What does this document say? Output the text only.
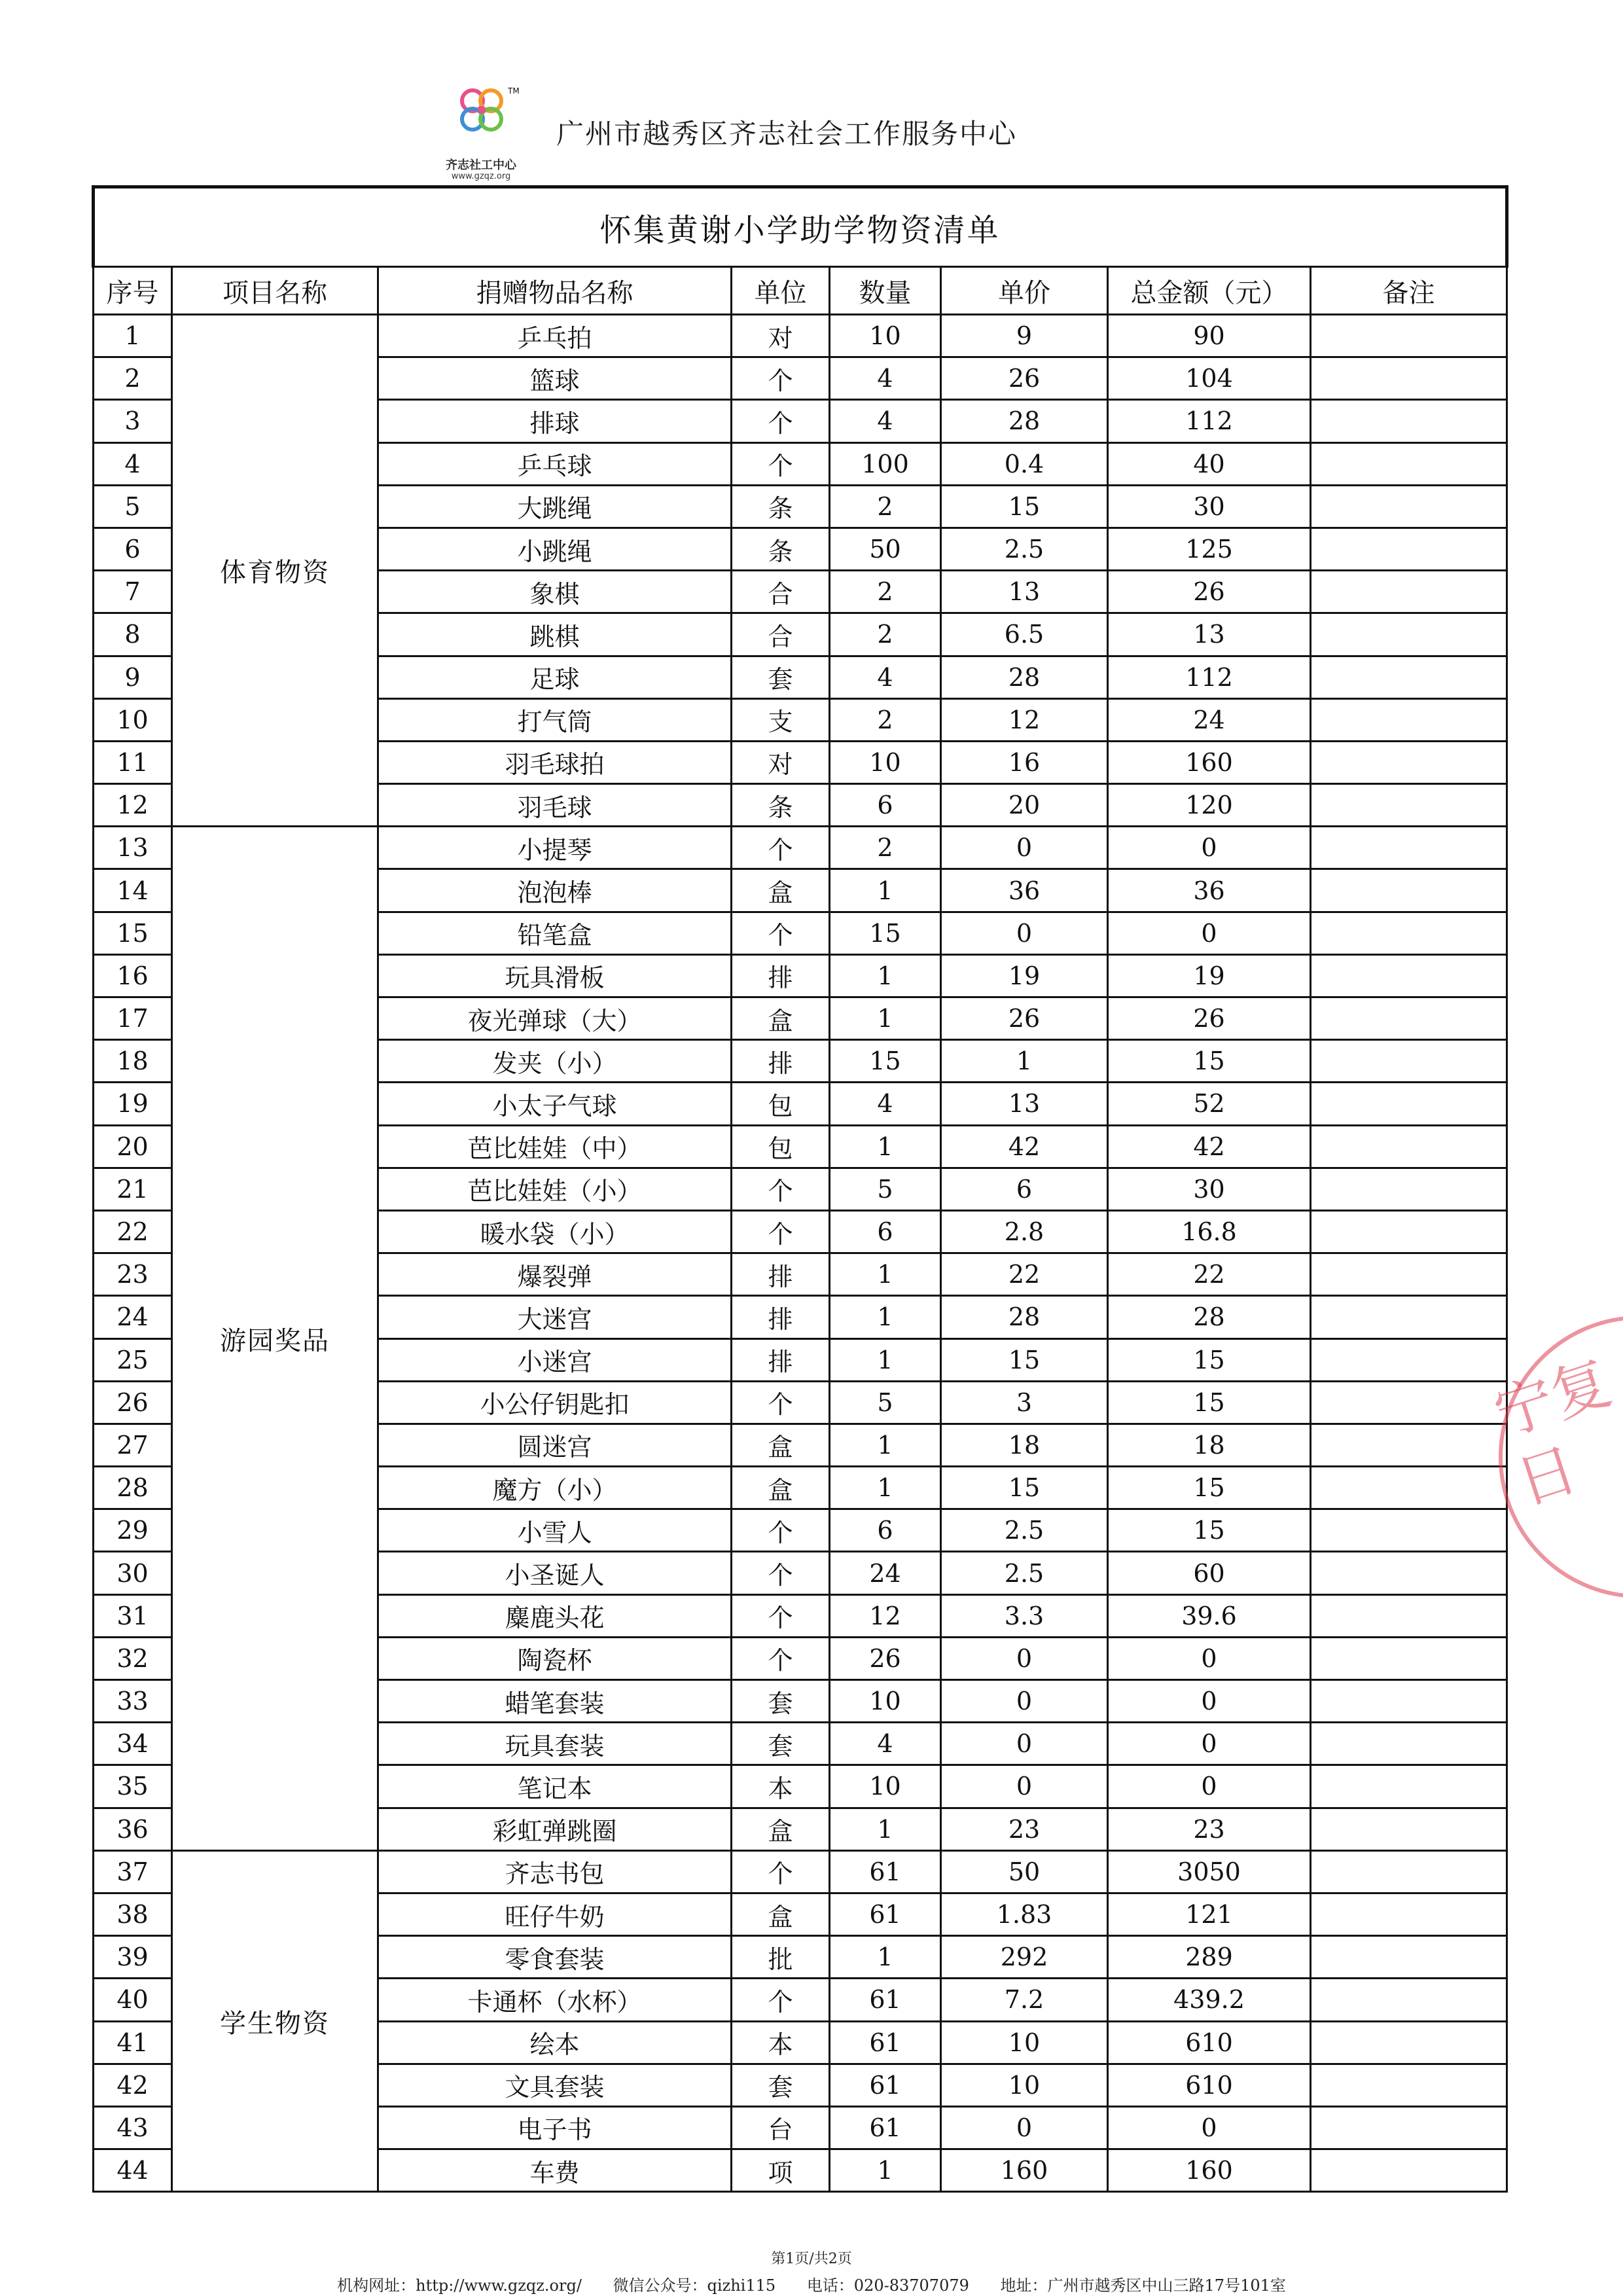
TM
齐志社工中心
www.gzqz.org
广州市越秀区齐志社会工作服务中心
怀集黄谢小学助学物资清单							
序号	项目名称	捐赠物品名称	单位	数量	单价	总金额（元）	备注
1	体育物资	乒乓拍	对	10	9	90	
2		篮球	个	4	26	104	
3		排球	个	4	28	112	
4		乒乓球	个	100	0.4	40	
5		大跳绳	条	2	15	30	
6		小跳绳	条	50	2.5	125	
7		象棋	合	2	13	26	
8		跳棋	合	2	6.5	13	
9		足球	套	4	28	112	
10		打气筒	支	2	12	24	
11		羽毛球拍	对	10	16	160	
12		羽毛球	条	6	20	120	
13	游园奖品	小提琴	个	2	0	0	
14		泡泡棒	盒	1	36	36	
15		铅笔盒	个	15	0	0	
16		玩具滑板	排	1	19	19	
17		夜光弹球（大）	盒	1	26	26	
18		发夹（小）	排	15	1	15	
19		小太子气球	包	4	13	52	
20		芭比娃娃（中）	包	1	42	42	
21		芭比娃娃（小）	个	5	6	30	
22		暖水袋（小）	个	6	2.8	16.8	
23		爆裂弹	排	1	22	22	
24		大迷宫	排	1	28	28	
25		小迷宫	排	1	15	15	
26		小公仔钥匙扣	个	5	3	15	
27		圆迷宫	盒	1	18	18	
28		魔方（小）	盒	1	15	15	
29		小雪人	个	6	2.5	15	
30		小圣诞人	个	24	2.5	60	
31		麋鹿头花	个	12	3.3	39.6	
32		陶瓷杯	个	26	0	0	
33		蜡笔套装	套	10	0	0	
34		玩具套装	套	4	0	0	
35		笔记本	本	10	0	0	
36		彩虹弹跳圈	盒	1	23	23	
37	学生物资	齐志书包	个	61	50	3050	
38		旺仔牛奶	盒	61	1.83	121	
39		零食套装	批	1	292	289	
40		卡通杯（水杯）	个	61	7.2	439.2	
41		绘本	本	61	10	610	
42		文具套装	套	61	10	610	
43		电子书	台	61	0	0	
44		车费	项	1	160	160	
宁复日
第1页/共2页
机构网址：http://www.gzqz.org/ 微信公众号：qizhi115 电话：020-83707079 地址：广州市越秀区中山三路17号101室
